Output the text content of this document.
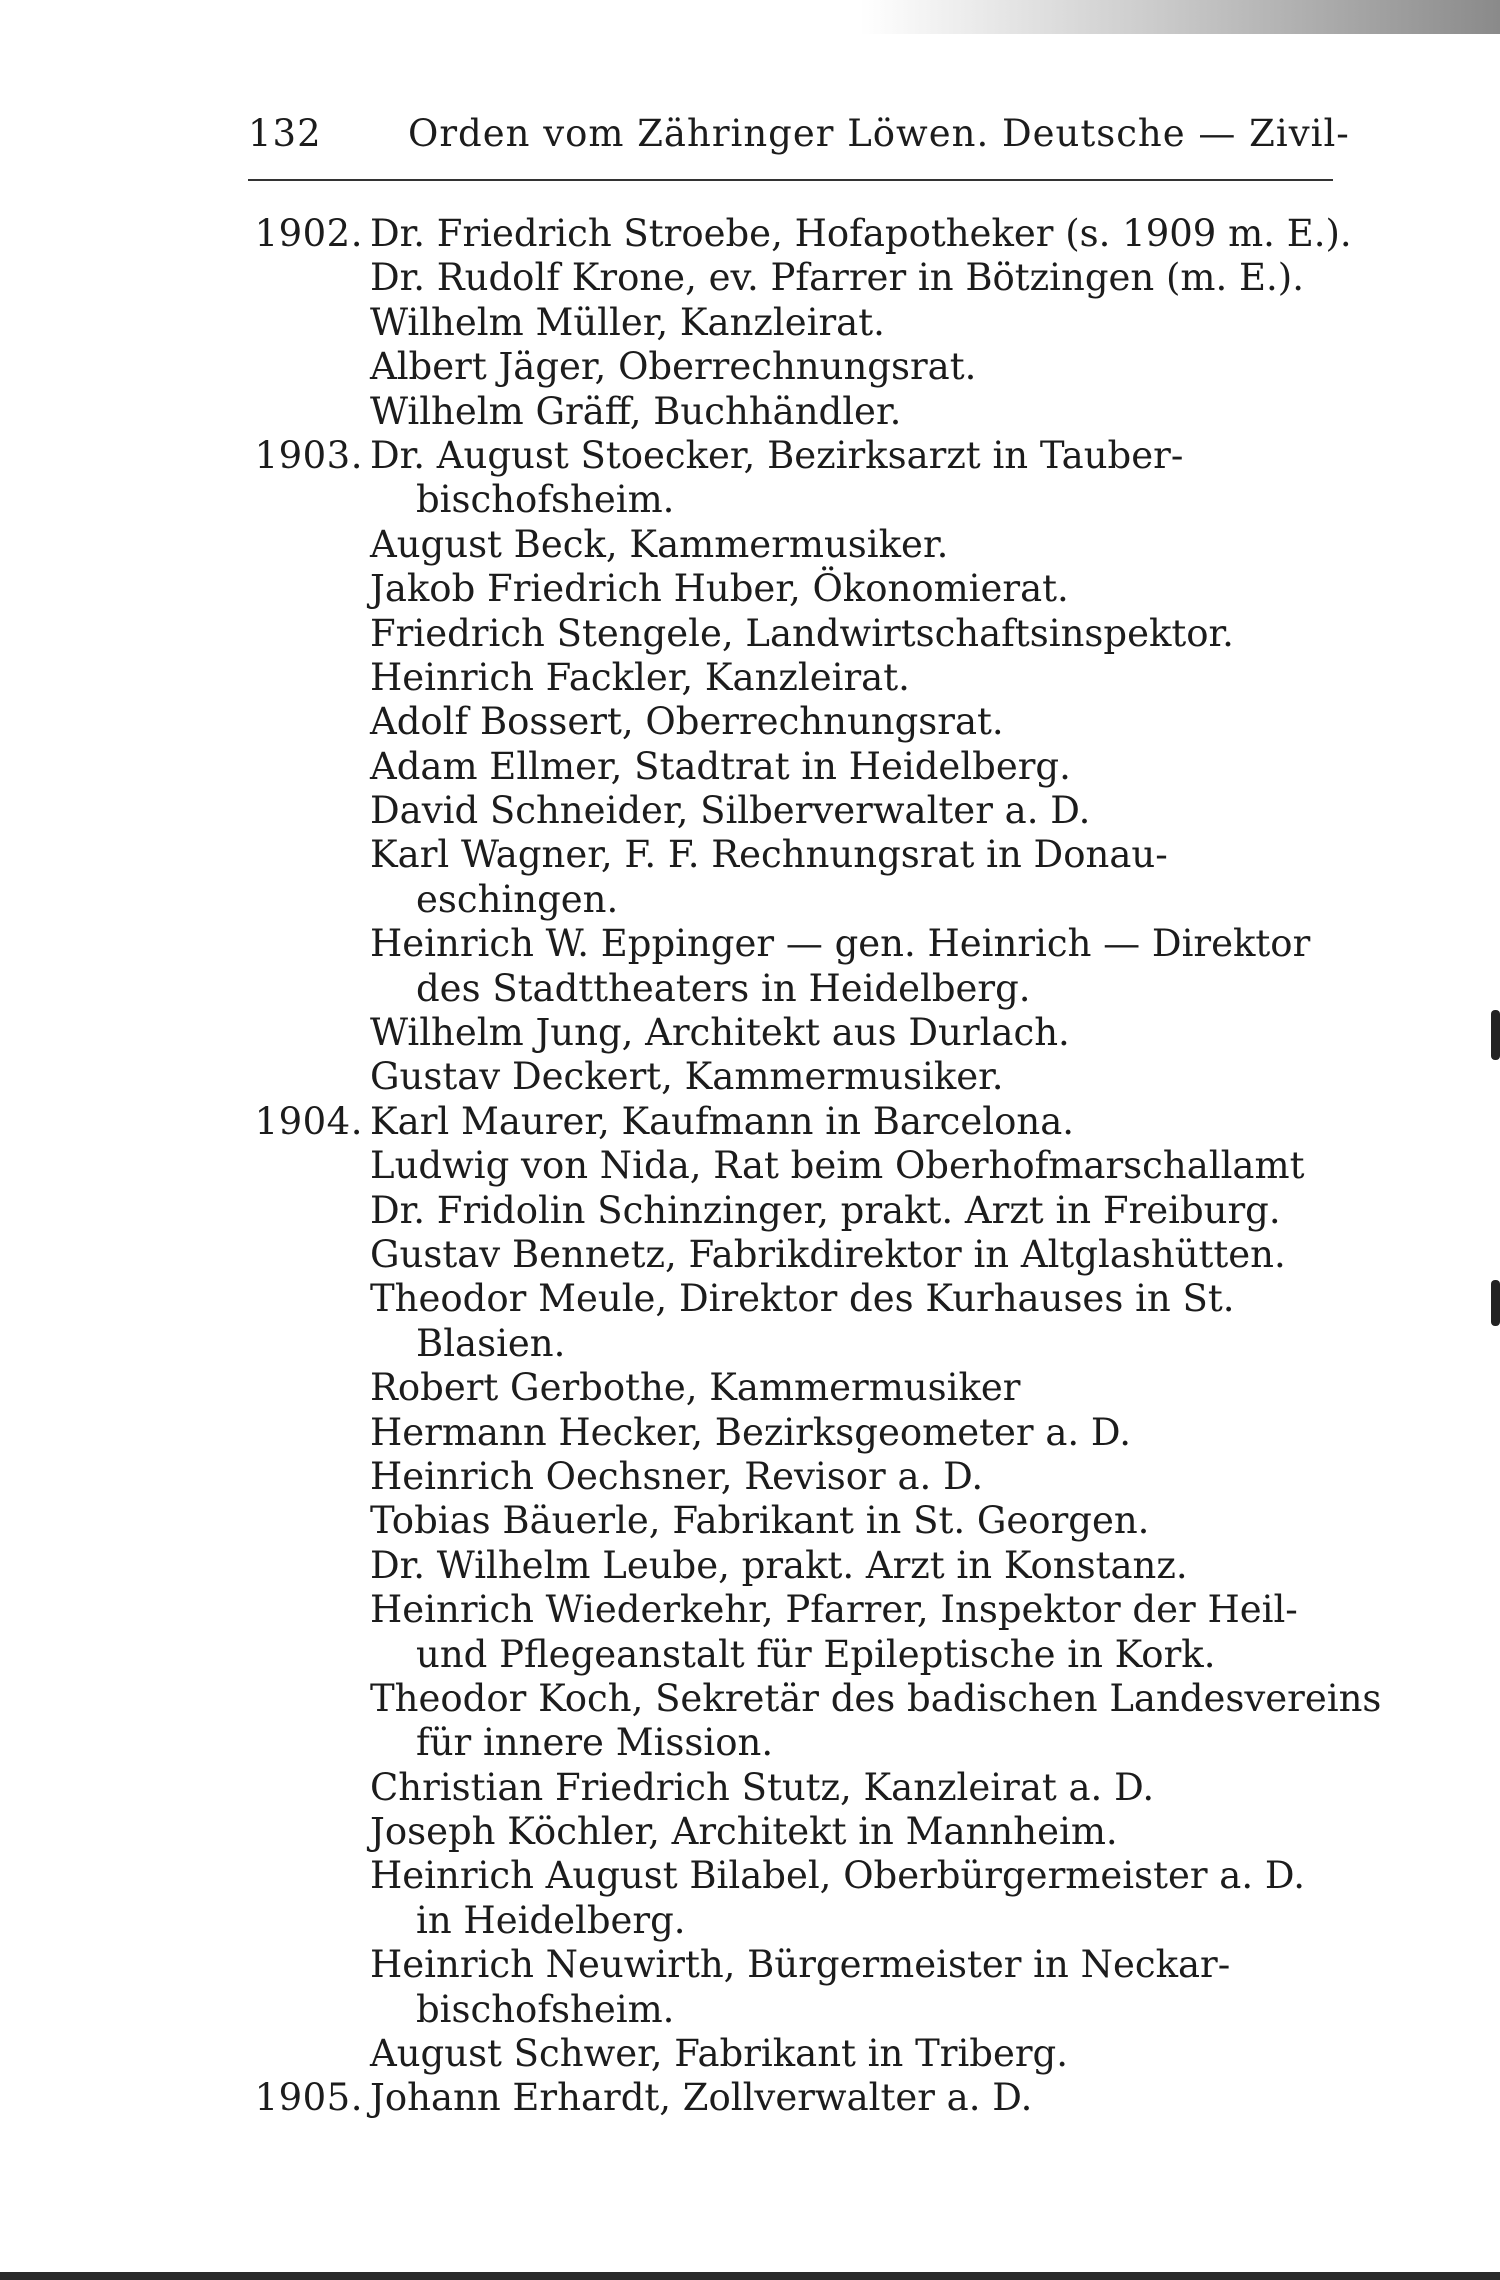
132 Orden vom Zähringer Löwen. Deutsche — Zivil-
1902. Dr. Friedrich Stroebe, Hofapotheker (s. 1909 m. E.).
Dr. Rudolf Krone, ev. Pfarrer in Bötzingen (m. E.).
Wilhelm Müller, Kanzleirat.
Albert Jäger, Oberrechnungsrat.
Wilhelm Gräff, Buchhändler.
1903. Dr. August Stoecker, Bezirksarzt in Tauber-
bischofsheim.
August Beck, Kammermusiker.
Jakob Friedrich Huber, Ökonomierat.
Friedrich Stengele, Landwirtschaftsinspektor.
Heinrich Fackler, Kanzleirat.
Adolf Bossert, Oberrechnungsrat.
Adam Ellmer, Stadtrat in Heidelberg.
David Schneider, Silberverwalter a. D.
Karl Wagner, F. F. Rechnungsrat in Donau-
eschingen.
Heinrich W. Eppinger — gen. Heinrich — Direktor
des Stadttheaters in Heidelberg.
Wilhelm Jung, Architekt aus Durlach.
Gustav Deckert, Kammermusiker.
1904. Karl Maurer, Kaufmann in Barcelona.
Ludwig von Nida, Rat beim Oberhofmarschallamt
Dr. Fridolin Schinzinger, prakt. Arzt in Freiburg.
Gustav Bennetz, Fabrikdirektor in Altglashütten.
Theodor Meule, Direktor des Kurhauses in St.
Blasien.
Robert Gerbothe, Kammermusiker
Hermann Hecker, Bezirksgeometer a. D.
Heinrich Oechsner, Revisor a. D.
Tobias Bäuerle, Fabrikant in St. Georgen.
Dr. Wilhelm Leube, prakt. Arzt in Konstanz.
Heinrich Wiederkehr, Pfarrer, Inspektor der Heil-
und Pflegeanstalt für Epileptische in Kork.
Theodor Koch, Sekretär des badischen Landesvereins
für innere Mission.
Christian Friedrich Stutz, Kanzleirat a. D.
Joseph Köchler, Architekt in Mannheim.
Heinrich August Bilabel, Oberbürgermeister a. D.
in Heidelberg.
Heinrich Neuwirth, Bürgermeister in Neckar-
bischofsheim.
August Schwer, Fabrikant in Triberg.
1905. Johann Erhardt, Zollverwalter a. D.
